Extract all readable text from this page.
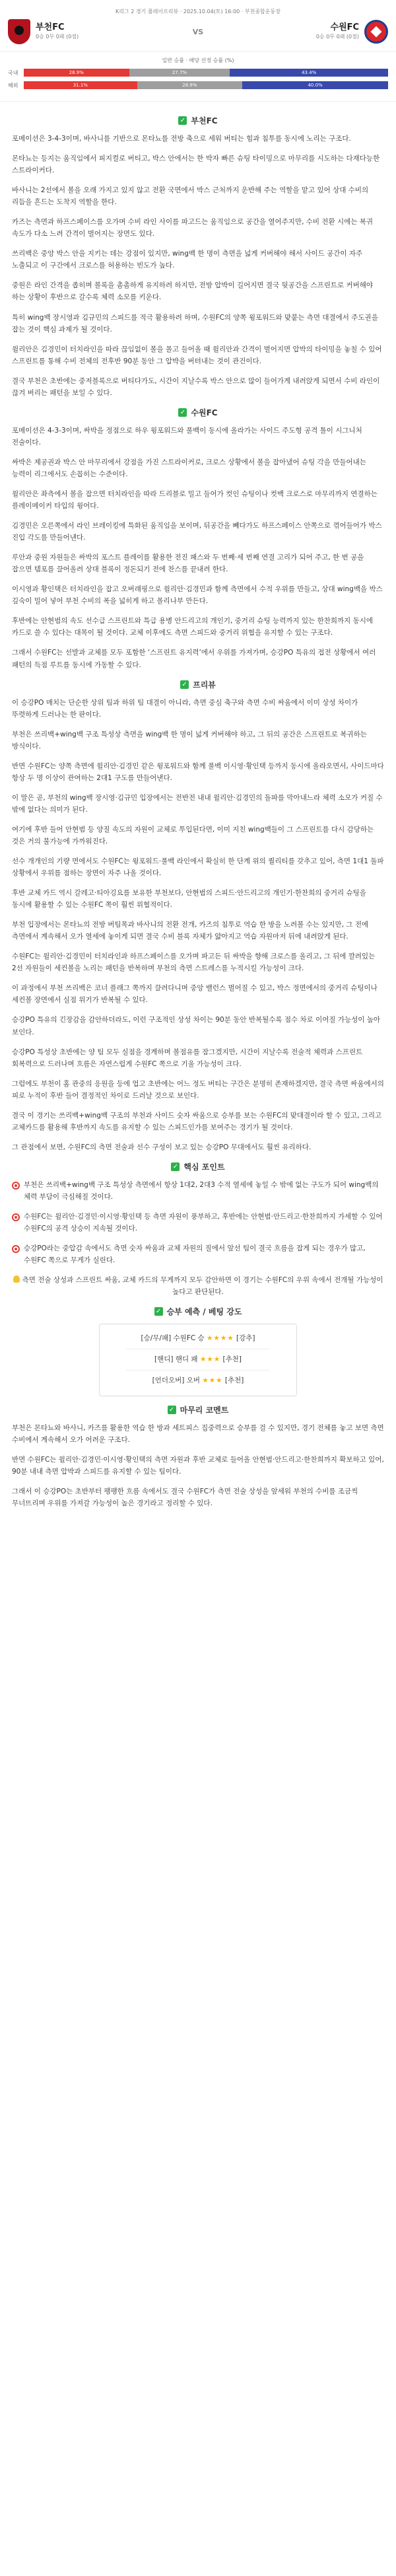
K리그 2 경기 플레이프리뷰 · 2025.10.04(토) 16:00 · 부천종합운동장
부천FC
0승 0무 0패 (0점)
VS	수원FC
0승 0무 0패 (0점)
일반 승률 · 배당 선정 승률 (%)
국내	28.9%	27.7%	43.4%
해외	31.1%	28.9%	40.0%
✓ 부천FC

포메이션은 3-4-3이며, 바사니를 기반으로 몬타뇨를 전방 축으로 세워 버티는 힘과 침투를 동시에 노리는 구조다.

몬타뇨는 등지는 움직임에서 피지컬로 버티고, 박스 안에서는 한 박자 빠른 슈팅 타이밍으로 마무리를 시도하는 다재다능한 스트라이커다.

바사니는 2선에서 볼을 오래 가지고 있지 않고 전환 국면에서 박스 근처까지 운반해 주는 역할을 맡고 있어 상대 수비의 리듬을 흔드는 도착지 역할을 한다.

카즈는 측면과 하프스페이스를 오가며 수비 라인 사이를 파고드는 움직임으로 공간을 열어주지만, 수비 전환 시에는 복귀 속도가 다소 느려 간격이 벌어지는 장면도 있다.

쓰리백은 중앙 박스 안을 지키는 데는 강점이 있지만, wing백 한 명이 측면을 넓게 커버해야 해서 사이드 공간이 자주 노출되고 이 구간에서 크로스를 허용하는 빈도가 높다.

중원은 라인 간격을 좁히며 볼록을 촘촘하게 유지하려 하지만, 전방 압박이 길어지면 결국 뒷공간을 스프린트로 커버해야 하는 상황이 후반으로 갈수록 체력 소모를 키운다.

특히 wing백 장시영과 김규민의 스피드를 적극 활용하려 하며, 수원FC의 양쪽 윙포워드와 맞붙는 측면 대결에서 주도권을 잡는 것이 핵심 과제가 될 것이다.

윌리안은 김경민이 터치라인을 따라 끊임없이 볼을 몰고 들어올 때 윌리안과 간격이 벌어지면 압박의 타이밍을 놓칠 수 있어 스프린트를 통해 수비 전체의 전후반 90분 동안 그 압박을 버텨내는 것이 관건이다.

결국 부천은 초반에는 중저블록으로 버티다가도, 시간이 지날수록 박스 안으로 많이 들어가게 내려앉게 되면서 수비 라인이 끊겨 버리는 패턴을 보일 수 있다.

✓ 수원FC

포메이션은 4-3-3이며, 싸박을 정점으로 하우 윙포워드와 풀백이 동시에 올라가는 사이드 주도형 공격 틀이 시그니처 전술이다.

싸박은 제공권과 박스 안 마무리에서 강점을 가진 스트라이커로, 크로스 상황에서 볼을 잡아냈어 슈팅 각을 만들어내는 능력이 리그에서도 손꼽히는 수준이다.

윌리안은 좌측에서 볼을 잡으면 터치라인을 따라 드리블로 밀고 들어가 컷인 슈팅이나 컷백 크로스로 마무리까지 연결하는 플레이메이커 타입의 윙어다.

김경민은 오른쪽에서 라인 브레이킹에 특화된 움직임을 보이며, 뒤공간을 빼다가도 하프스페이스 안쪽으로 꺾어들어가 박스 진입 각도를 만들어낸다.

루안과 중원 자원들은 싸박의 포스트 플레이를 활용한 전진 패스와 두 번째·세 번째 연결 고리가 되어 주고, 한 번 공을 잡으면 템포를 끌어올려 상대 블록이 정돈되기 전에 찬스를 끝내려 한다.

이시영과 황인택은 터치라인을 잡고 오버래핑으로 윌리안·김경민과 함께 측면에서 수적 우위를 만들고, 상대 wing백을 박스 깊숙이 밀어 넣어 부천 수비의 폭을 넓히게 하고 몰리나부 만든다.

후반에는 안현범의 속도 선수급 스프린트와 특급 용병 안드리고의 개인기, 중거리 슈팅 능력까지 있는 한찬희까지 동시에 카드로 쓸 수 있다는 대목이 될 것이다. 교체 이후에도 측면 스피드와 중거리 위협을 유지할 수 있는 구조다.

그래서 수원FC는 선발과 교체를 모두 포함한 ‘스프린트 유지력’에서 우위를 가져가며, 승강PO 특유의 접전 상황에서 여러 패턴의 득점 루트를 동시에 가동할 수 있다.

✓ 프리뷰

이 승강PO 매치는 단순한 상위 팀과 하위 팀 대결이 아니라, 측면 중심 축구와 측면 수비 싸움에서 이미 상성 차이가 뚜렷하게 드러나는 한 판이다.

부천은 쓰리백+wing백 구조 특성상 측면을 wing백 한 명이 넓게 커버해야 하고, 그 뒤의 공간은 스프린트로 복귀하는 방식이다.

반면 수원FC는 양쪽 측면에 윌리안·김경민 같은 윙포워드와 함께 풀백 이시영·황인택 등까지 동시에 올라오면서, 사이드마다 항상 두 명 이상이 관여하는 2대1 구도를 만들어낸다.

이 말은 곧, 부천의 wing백 장시영·김규민 입장에서는 전반전 내내 윌리안·김경민의 돌파를 막아내느라 체력 소모가 커질 수 밖에 없다는 의미가 된다.

여기에 후반 들어 안현범 등 양질 속도의 자원이 교체로 투입된다면, 이미 지친 wing백들이 그 스프린트를 다시 감당하는 것은 거의 불가능에 가까워진다.

선수 개개인의 기량 면에서도 수원FC는 윙포워드·풀백 라인에서 확실히 한 단계 위의 퀄리티를 갖추고 있어, 측면 1대1 돌파 상황에서 우위를 점하는 장면이 자주 나올 것이다.

후반 교체 카드 역시 갈레고·티아깅요를 보유한 부천보다, 안현범의 스피드·안드리고의 개인기·한찬희의 중거리 슈팅을 동시에 활용할 수 있는 수원FC 쪽이 훨씬 위협적이다.

부천 입장에서는 몬타뇨의 전방 버팀목과 바사니의 전환 전개, 카즈의 침투로 역습 한 방을 노려볼 수는 있지만, 그 전에 측면에서 계속해서 오가 열세에 놓이게 되면 결국 수비 블록 자체가 얇아지고 역습 자원마저 뒤에 내려앉게 된다.

수원FC는 윌리안·김경민이 터치라인과 하프스페이스를 오가며 파고든 뒤 싸박을 향해 크로스를 올리고, 그 뒤에 깔려있는 2선 자원들이 세컨볼을 노리는 패턴을 반복하며 부천의 측면 스트레스를 누적시킬 가능성이 크다.

이 과정에서 부천 쓰리백은 코너 플래그 쪽까지 끌려다니며 중앙 밸런스 벌어질 수 있고, 박스 정면에서의 중거리 슈팅이나 세컨볼 장면에서 실점 위기가 반복될 수 있다.

승강PO 특유의 긴장감을 감안하더라도, 이런 구조적인 상성 차이는 90분 동안 반복될수록 점수 차로 이어질 가능성이 높아 보인다.

승강PO 특성상 초반에는 양 팀 모두 실점을 경계하며 볼점유를 잠그겠지만, 시간이 지날수록 전술적 체력과 스프린트 회복력으로 드러나며 흐름은 자연스럽게 수원FC 쪽으로 기울 가능성이 크다.

그럼에도 부천이 홈 관중의 응원을 등에 업고 초반에는 어느 정도 버티는 구간은 분명히 존재하겠지만, 결국 측면 싸움에서의 피로 누적이 후반 들어 결정적인 차이로 드러날 것으로 보인다.

결국 이 경기는 쓰리백+wing백 구조의 부천과 사이드 숫자 싸움으로 승부를 보는 수원FC의 맞대결이라 할 수 있고, 그리고 교체카드를 활용해 후반까지 속도를 유지할 수 있는 스피드인가를 보여주는 경기가 될 것이다.

그 관점에서 보면, 수원FC의 측면 전술과 선수 구성이 보고 있는 승강PO 무대에서도 훨씬 유리하다.

✓ 핵심 포인트
부천은 쓰리백+wing백 구조 특성상 측면에서 항상 1대2, 2대3 수적 열세에 놓일 수 밖에 없는 구도가 되어 wing백의 체력 부담이 극심해질 것이다.
수원FC는 윌리안·김경민·이시영·황인택 등 측면 자원이 풍부하고, 후반에는 안현범·안드리고·한찬희까지 가세할 수 있어 수원FC의 공격 상승이 지속될 것이다.
승강PO라는 중압감 속에서도 측면 숫자 싸움과 교체 자원의 질에서 앞선 팀이 결국 흐름을 잡게 되는 경우가 많고, 수원FC 쪽으로 무게가 실린다.
측면 전술 상성과 스프린트 싸움, 교체 카드의 무게까지 모두 감안하면 이 경기는 수원FC의 우위 속에서 전개될 가능성이 높다고 판단된다.
✓ 승부 예측 / 베팅 강도
[승/무/패] 수원FC 승 ★★★★ [강추]
[핸디] 핸디 패 ★★★ [추천]
[언더오버] 오버 ★★★ [추천]
✓ 마무리 코멘트

부천은 몬타뇨와 바사니, 카즈를 활용한 역습 한 방과 세트피스 집중력으로 승부를 걸 수 있지만, 경기 전체를 놓고 보면 측면 수비에서 계속해서 오가 어려운 구조다.

반면 수원FC는 윌리안·김경민·이시영·황인택의 측면 자원과 후반 교체로 들어올 안현범·안드리고·한찬희까지 확보하고 있어, 90분 내내 측면 압박과 스피드를 유지할 수 있는 팀이다.

그래서 이 승강PO는 초반부터 팽팽한 흐름 속에서도 결국 수원FC가 측면 전술 상성을 앞세워 부천의 수비를 조금씩 무너뜨리며 우위를 가져갈 가능성이 높은 경기라고 정리할 수 있다.
